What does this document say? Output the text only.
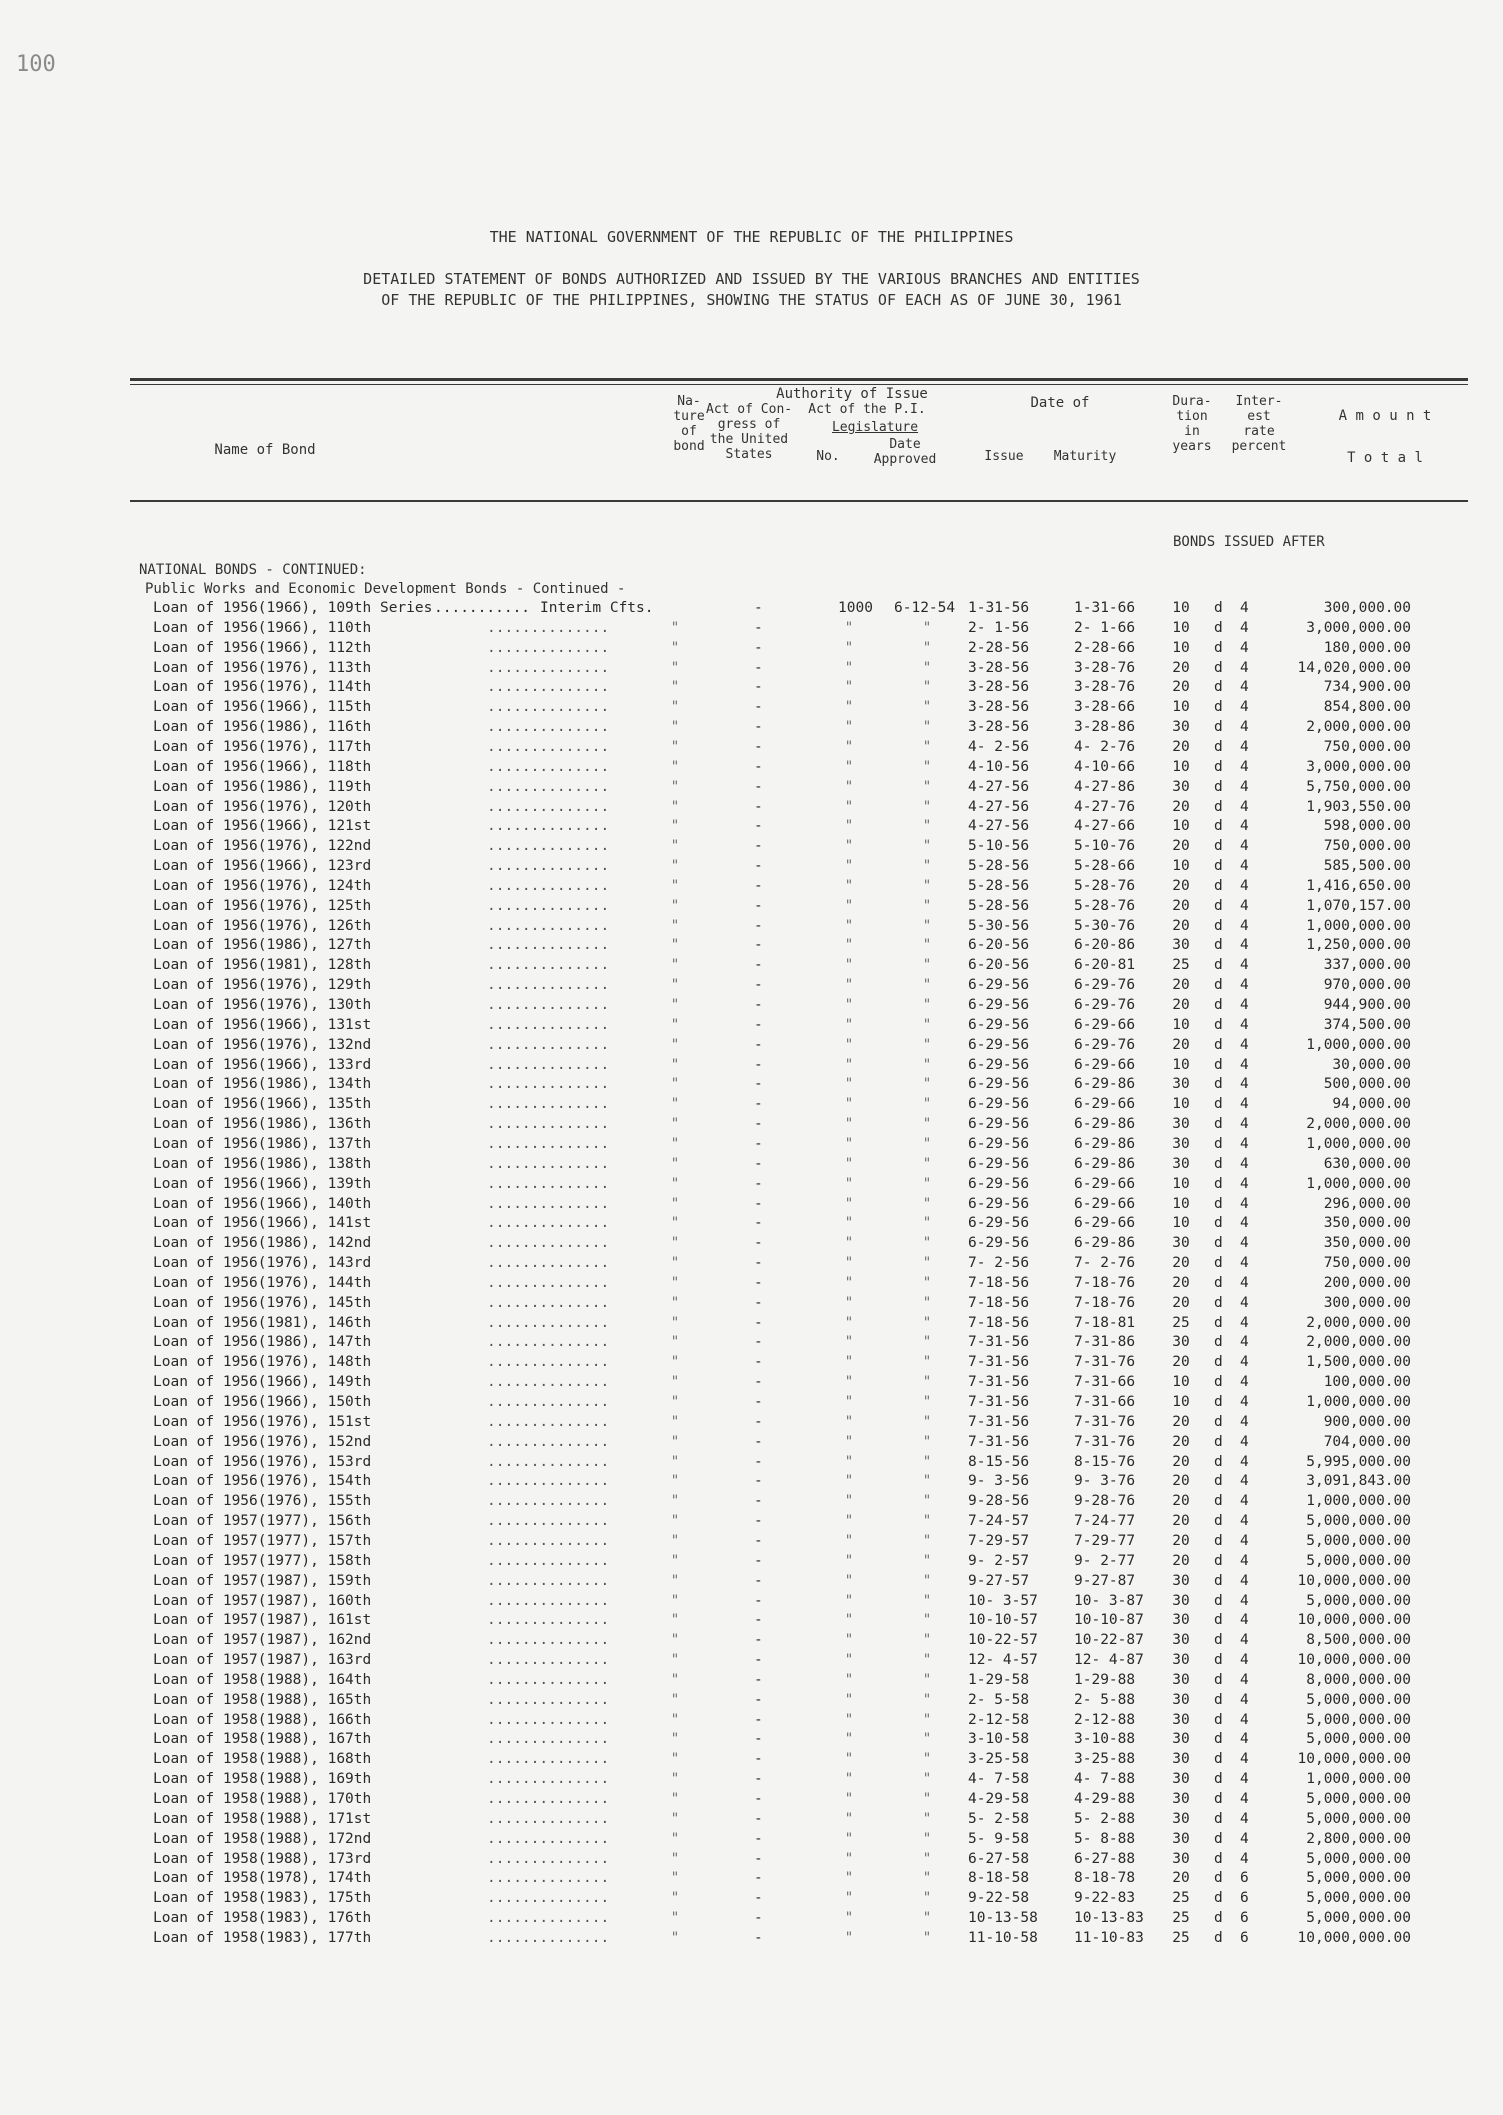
100
THE NATIONAL GOVERNMENT OF THE REPUBLIC OF THE PHILIPPINES
DETAILED STATEMENT OF BONDS AUTHORIZED AND ISSUED BY THE VARIOUS BRANCHES AND ENTITIES
OF THE REPUBLIC OF THE PHILIPPINES, SHOWING THE STATUS OF EACH AS OF JUNE 30, 1961
Name of Bond
Na-
ture
of
bond
Authority of Issue
Act of Con-
gress of
the United
States
Act of the P.I.
Legislature
No.
Date
Approved
Date of
Issue	Maturity
Dura-
tion
in
years
Inter-
est
rate
percent
A m o u n t
T o t a l
BONDS ISSUED AFTER
NATIONAL BONDS - CONTINUED:
Public Works and Economic Development Bonds - Continued -
Loan of 1956(1966), 109th Series ........... Interim Cfts.	-	1000 6-12-54 1-31-56	1-31-66	10	d 4	300,000.00
Loan of 1956(1966), 110th	..............	"	-	"	"	2- 1-56	2- 1-66	10	d 4	3,000,000.00
Loan of 1956(1966), 112th	..............	"	-	"	"	2-28-56	2-28-66	10	d 4	180,000.00
Loan of 1956(1976), 113th	..............	"	-	"	"	3-28-56	3-28-76	20	d 4	14,020,000.00
Loan of 1956(1976), 114th	..............	"	-	"	"	3-28-56	3-28-76	20	d 4	734,900.00
Loan of 1956(1966), 115th	..............	"	-	"	"	3-28-56	3-28-66	10	d 4	854,800.00
Loan of 1956(1986), 116th	..............	"	-	"	"	3-28-56	3-28-86	30	d 4	2,000,000.00
Loan of 1956(1976), 117th	..............	"	-	"	"	4- 2-56	4- 2-76	20	d 4	750,000.00
Loan of 1956(1966), 118th	..............	"	-	"	"	4-10-56	4-10-66	10	d 4	3,000,000.00
Loan of 1956(1986), 119th	..............	"	-	"	"	4-27-56	4-27-86	30	d 4	5,750,000.00
Loan of 1956(1976), 120th	..............	"	-	"	"	4-27-56	4-27-76	20	d 4	1,903,550.00
Loan of 1956(1966), 121st	..............	"	-	"	"	4-27-56	4-27-66	10	d 4	598,000.00
Loan of 1956(1976), 122nd	..............	"	-	"	"	5-10-56	5-10-76	20	d 4	750,000.00
Loan of 1956(1966), 123rd	..............	"	-	"	"	5-28-56	5-28-66	10	d 4	585,500.00
Loan of 1956(1976), 124th	..............	"	-	"	"	5-28-56	5-28-76	20	d 4	1,416,650.00
Loan of 1956(1976), 125th	..............	"	-	"	"	5-28-56	5-28-76	20	d 4	1,070,157.00
Loan of 1956(1976), 126th	..............	"	-	"	"	5-30-56	5-30-76	20	d 4	1,000,000.00
Loan of 1956(1986), 127th	..............	"	-	"	"	6-20-56	6-20-86	30	d 4	1,250,000.00
Loan of 1956(1981), 128th	..............	"	-	"	"	6-20-56	6-20-81	25	d 4	337,000.00
Loan of 1956(1976), 129th	..............	"	-	"	"	6-29-56	6-29-76	20	d 4	970,000.00
Loan of 1956(1976), 130th	..............	"	-	"	"	6-29-56	6-29-76	20	d 4	944,900.00
Loan of 1956(1966), 131st	..............	"	-	"	"	6-29-56	6-29-66	10	d 4	374,500.00
Loan of 1956(1976), 132nd	..............	"	-	"	"	6-29-56	6-29-76	20	d 4	1,000,000.00
Loan of 1956(1966), 133rd	..............	"	-	"	"	6-29-56	6-29-66	10	d 4	30,000.00
Loan of 1956(1986), 134th	..............	"	-	"	"	6-29-56	6-29-86	30	d 4	500,000.00
Loan of 1956(1966), 135th	..............	"	-	"	"	6-29-56	6-29-66	10	d 4	94,000.00
Loan of 1956(1986), 136th	..............	"	-	"	"	6-29-56	6-29-86	30	d 4	2,000,000.00
Loan of 1956(1986), 137th	..............	"	-	"	"	6-29-56	6-29-86	30	d 4	1,000,000.00
Loan of 1956(1986), 138th	..............	"	-	"	"	6-29-56	6-29-86	30	d 4	630,000.00
Loan of 1956(1966), 139th	..............	"	-	"	"	6-29-56	6-29-66	10	d 4	1,000,000.00
Loan of 1956(1966), 140th	..............	"	-	"	"	6-29-56	6-29-66	10	d 4	296,000.00
Loan of 1956(1966), 141st	..............	"	-	"	"	6-29-56	6-29-66	10	d 4	350,000.00
Loan of 1956(1986), 142nd	..............	"	-	"	"	6-29-56	6-29-86	30	d 4	350,000.00
Loan of 1956(1976), 143rd	..............	"	-	"	"	7- 2-56	7- 2-76	20	d 4	750,000.00
Loan of 1956(1976), 144th	..............	"	-	"	"	7-18-56	7-18-76	20	d 4	200,000.00
Loan of 1956(1976), 145th	..............	"	-	"	"	7-18-56	7-18-76	20	d 4	300,000.00
Loan of 1956(1981), 146th	..............	"	-	"	"	7-18-56	7-18-81	25	d 4	2,000,000.00
Loan of 1956(1986), 147th	..............	"	-	"	"	7-31-56	7-31-86	30	d 4	2,000,000.00
Loan of 1956(1976), 148th	..............	"	-	"	"	7-31-56	7-31-76	20	d 4	1,500,000.00
Loan of 1956(1966), 149th	..............	"	-	"	"	7-31-56	7-31-66	10	d 4	100,000.00
Loan of 1956(1966), 150th	..............	"	-	"	"	7-31-56	7-31-66	10	d 4	1,000,000.00
Loan of 1956(1976), 151st	..............	"	-	"	"	7-31-56	7-31-76	20	d 4	900,000.00
Loan of 1956(1976), 152nd	..............	"	-	"	"	7-31-56	7-31-76	20	d 4	704,000.00
Loan of 1956(1976), 153rd	..............	"	-	"	"	8-15-56	8-15-76	20	d 4	5,995,000.00
Loan of 1956(1976), 154th	..............	"	-	"	"	9- 3-56	9- 3-76	20	d 4	3,091,843.00
Loan of 1956(1976), 155th	..............	"	-	"	"	9-28-56	9-28-76	20	d 4	1,000,000.00
Loan of 1957(1977), 156th	..............	"	-	"	"	7-24-57	7-24-77	20	d 4	5,000,000.00
Loan of 1957(1977), 157th	..............	"	-	"	"	7-29-57	7-29-77	20	d 4	5,000,000.00
Loan of 1957(1977), 158th	..............	"	-	"	"	9- 2-57	9- 2-77	20	d 4	5,000,000.00
Loan of 1957(1987), 159th	..............	"	-	"	"	9-27-57	9-27-87	30	d 4	10,000,000.00
Loan of 1957(1987), 160th	..............	"	-	"	"	10- 3-57 10- 3-87	30	d 4	5,000,000.00
Loan of 1957(1987), 161st	..............	"	-	"	"	10-10-57 10-10-87	30	d 4	10,000,000.00
Loan of 1957(1987), 162nd	..............	"	-	"	"	10-22-57 10-22-87	30	d 4	8,500,000.00
Loan of 1957(1987), 163rd	..............	"	-	"	"	12- 4-57 12- 4-87	30	d 4	10,000,000.00
Loan of 1958(1988), 164th	..............	"	-	"	"	1-29-58	1-29-88	30	d 4	8,000,000.00
Loan of 1958(1988), 165th	..............	"	-	"	"	2- 5-58	2- 5-88	30	d 4	5,000,000.00
Loan of 1958(1988), 166th	..............	"	-	"	"	2-12-58	2-12-88	30	d 4	5,000,000.00
Loan of 1958(1988), 167th	..............	"	-	"	"	3-10-58	3-10-88	30	d 4	5,000,000.00
Loan of 1958(1988), 168th	..............	"	-	"	"	3-25-58	3-25-88	30	d 4	10,000,000.00
Loan of 1958(1988), 169th	..............	"	-	"	"	4- 7-58	4- 7-88	30	d 4	1,000,000.00
Loan of 1958(1988), 170th	..............	"	-	"	"	4-29-58	4-29-88	30	d 4	5,000,000.00
Loan of 1958(1988), 171st	..............	"	-	"	"	5- 2-58	5- 2-88	30	d 4	5,000,000.00
Loan of 1958(1988), 172nd	..............	"	-	"	"	5- 9-58	5- 8-88	30	d 4	2,800,000.00
Loan of 1958(1988), 173rd	..............	"	-	"	"	6-27-58	6-27-88	30	d 4	5,000,000.00
Loan of 1958(1978), 174th	..............	"	-	"	"	8-18-58	8-18-78	20	d 6	5,000,000.00
Loan of 1958(1983), 175th	..............	"	-	"	"	9-22-58	9-22-83	25	d 6	5,000,000.00
Loan of 1958(1983), 176th	..............	"	-	"	"	10-13-58 10-13-83	25	d 6	5,000,000.00
Loan of 1958(1983), 177th	..............	"	-	"	"	11-10-58 11-10-83	25	d 6	10,000,000.00
